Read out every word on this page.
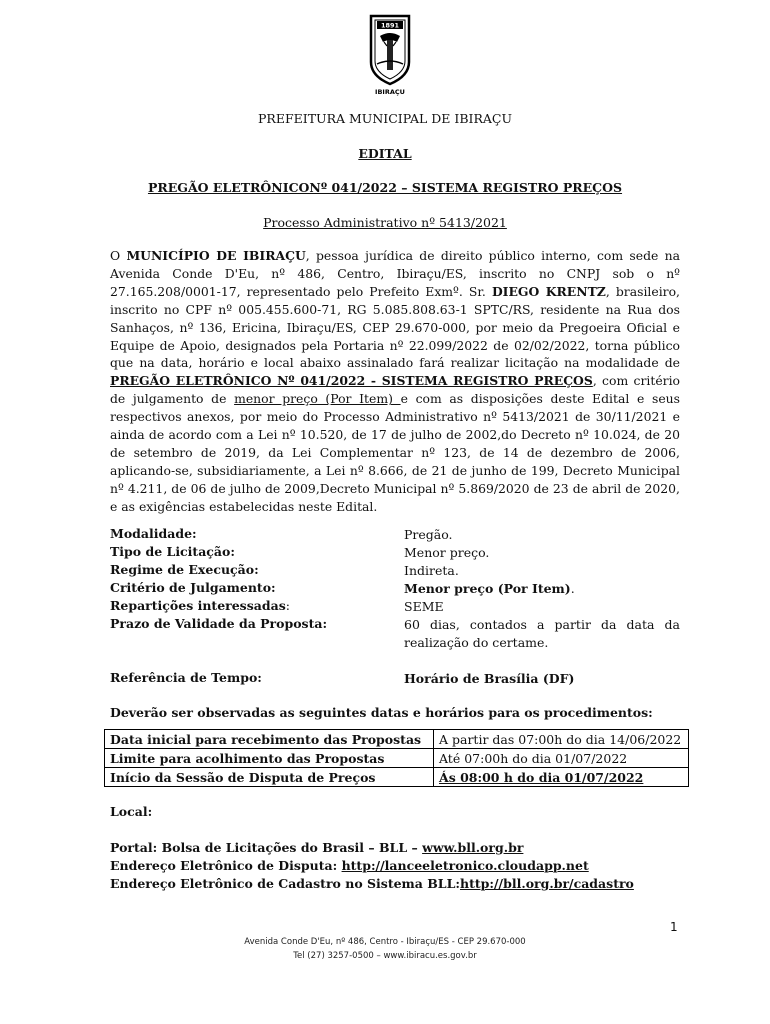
1891
IBIRAÇU
PREFEITURA MUNICIPAL DE IBIRAÇU
EDITAL
PREGÃO ELETRÔNICONº 041/2022 – SISTEMA REGISTRO PREÇOS
Processo Administrativo nº 5413/2021

O MUNICÍPIO DE IBIRAÇU, pessoa jurídica de direito público interno, com sede na Avenida Conde D'Eu, nº 486, Centro, Ibiraçu/ES, inscrito no CNPJ sob o nº 27.165.208/0001-17, representado pelo Prefeito Exmº. Sr. DIEGO KRENTZ, brasileiro, inscrito no CPF nº 005.455.600-71, RG 5.085.808.63-1 SPTC/RS, residente na Rua dos Sanhaços, nº 136, Ericina, Ibiraçu/ES, CEP 29.670-000, por meio da Pregoeira Oficial e Equipe de Apoio, designados pela Portaria nº 22.099/2022 de 02/02/2022, torna público que na data, horário e local abaixo assinalado fará realizar licitação na modalidade de PREGÃO ELETRÔNICO Nº 041/2022 - SISTEMA REGISTRO PREÇOS, com critério de julgamento de menor preço (Por Item) e com as disposições deste Edital e seus respectivos anexos, por meio do Processo Administrativo nº 5413/2021 de 30/11/2021 e ainda de acordo com a Lei nº 10.520, de 17 de julho de 2002,do Decreto nº 10.024, de 20 de setembro de 2019, da Lei Complementar nº 123, de 14 de dezembro de 2006, aplicando-se, subsidiariamente, a Lei nº 8.666, de 21 de junho de 199, Decreto Municipal nº 4.211, de 06 de julho de 2009,Decreto Municipal nº 5.869/2020 de 23 de abril de 2020, e as exigências estabelecidas neste Edital.

Modalidade:	Pregão.
Tipo de Licitação:	Menor preço.
Regime de Execução:	Indireta.
Critério de Julgamento:	Menor preço (Por Item).
Repartições interessadas:	SEME
Prazo de Validade da Proposta:	60 dias, contados a partir da data da realização do certame.
Referência de Tempo:	Horário de Brasília (DF)
Deverão ser observadas as seguintes datas e horários para os procedimentos:
Data inicial para recebimento das Propostas	A partir das 07:00h do dia 14/06/2022
Limite para acolhimento das Propostas	Até 07:00h do dia 01/07/2022
Início da Sessão de Disputa de Preços	Ás 08:00 h do dia 01/07/2022
Local:
Portal: Bolsa de Licitações do Brasil – BLL – www.bll.org.br
Endereço Eletrônico de Disputa: http://lanceeletronico.cloudapp.net
Endereço Eletrônico de Cadastro no Sistema BLL:http://bll.org.br/cadastro
1
Avenida Conde D'Eu, nº 486, Centro - Ibiraçu/ES - CEP 29.670-000
Tel (27) 3257-0500 – www.ibiracu.es.gov.br
